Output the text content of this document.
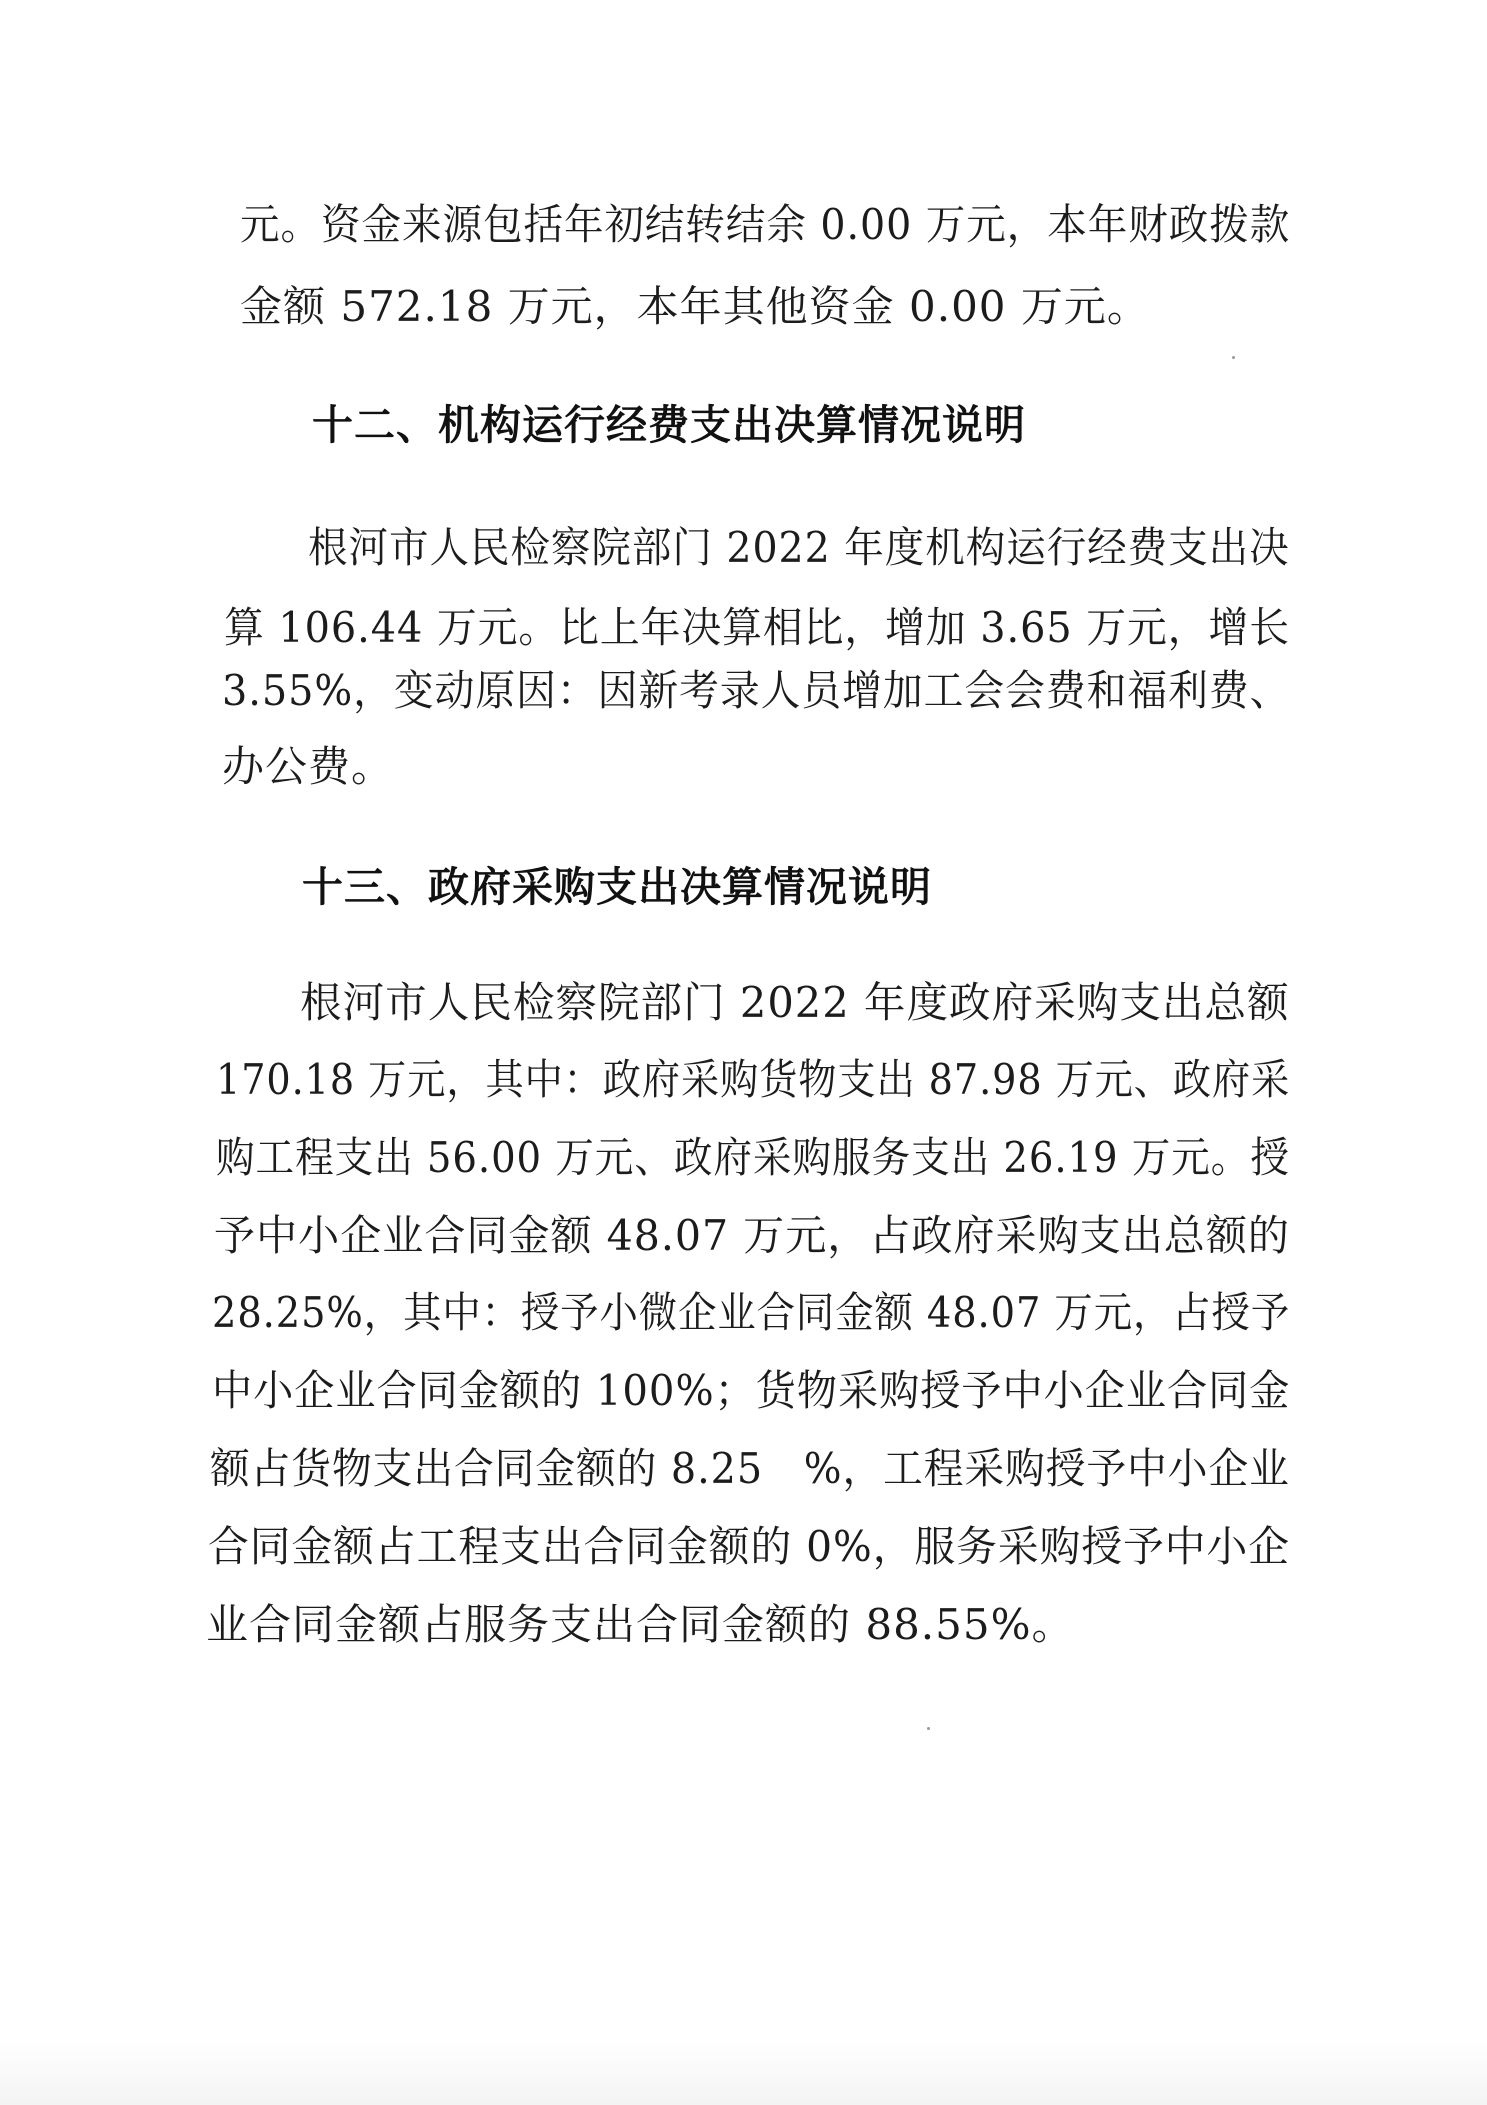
元。资金来源包括年初结转结余 0.00 万元，本年财政拨款
金额 572.18 万元，本年其他资金 0.00 万元。
十二、机构运行经费支出决算情况说明
根河市人民检察院部门 2022 年度机构运行经费支出决
算 106.44 万元。比上年决算相比，增加 3.65 万元，增长
3.55%，变动原因：因新考录人员增加工会会费和福利费、
办公费。
十三、政府采购支出决算情况说明
根河市人民检察院部门 2022 年度政府采购支出总额
170.18 万元，其中：政府采购货物支出 87.98 万元、政府采
购工程支出 56.00 万元、政府采购服务支出 26.19 万元。授
予中小企业合同金额 48.07 万元，占政府采购支出总额的
28.25%，其中：授予小微企业合同金额 48.07 万元，占授予
中小企业合同金额的 100%；货物采购授予中小企业合同金
额占货物支出合同金额的 8.25　%，工程采购授予中小企业
合同金额占工程支出合同金额的 0%，服务采购授予中小企
业合同金额占服务支出合同金额的 88.55%。
